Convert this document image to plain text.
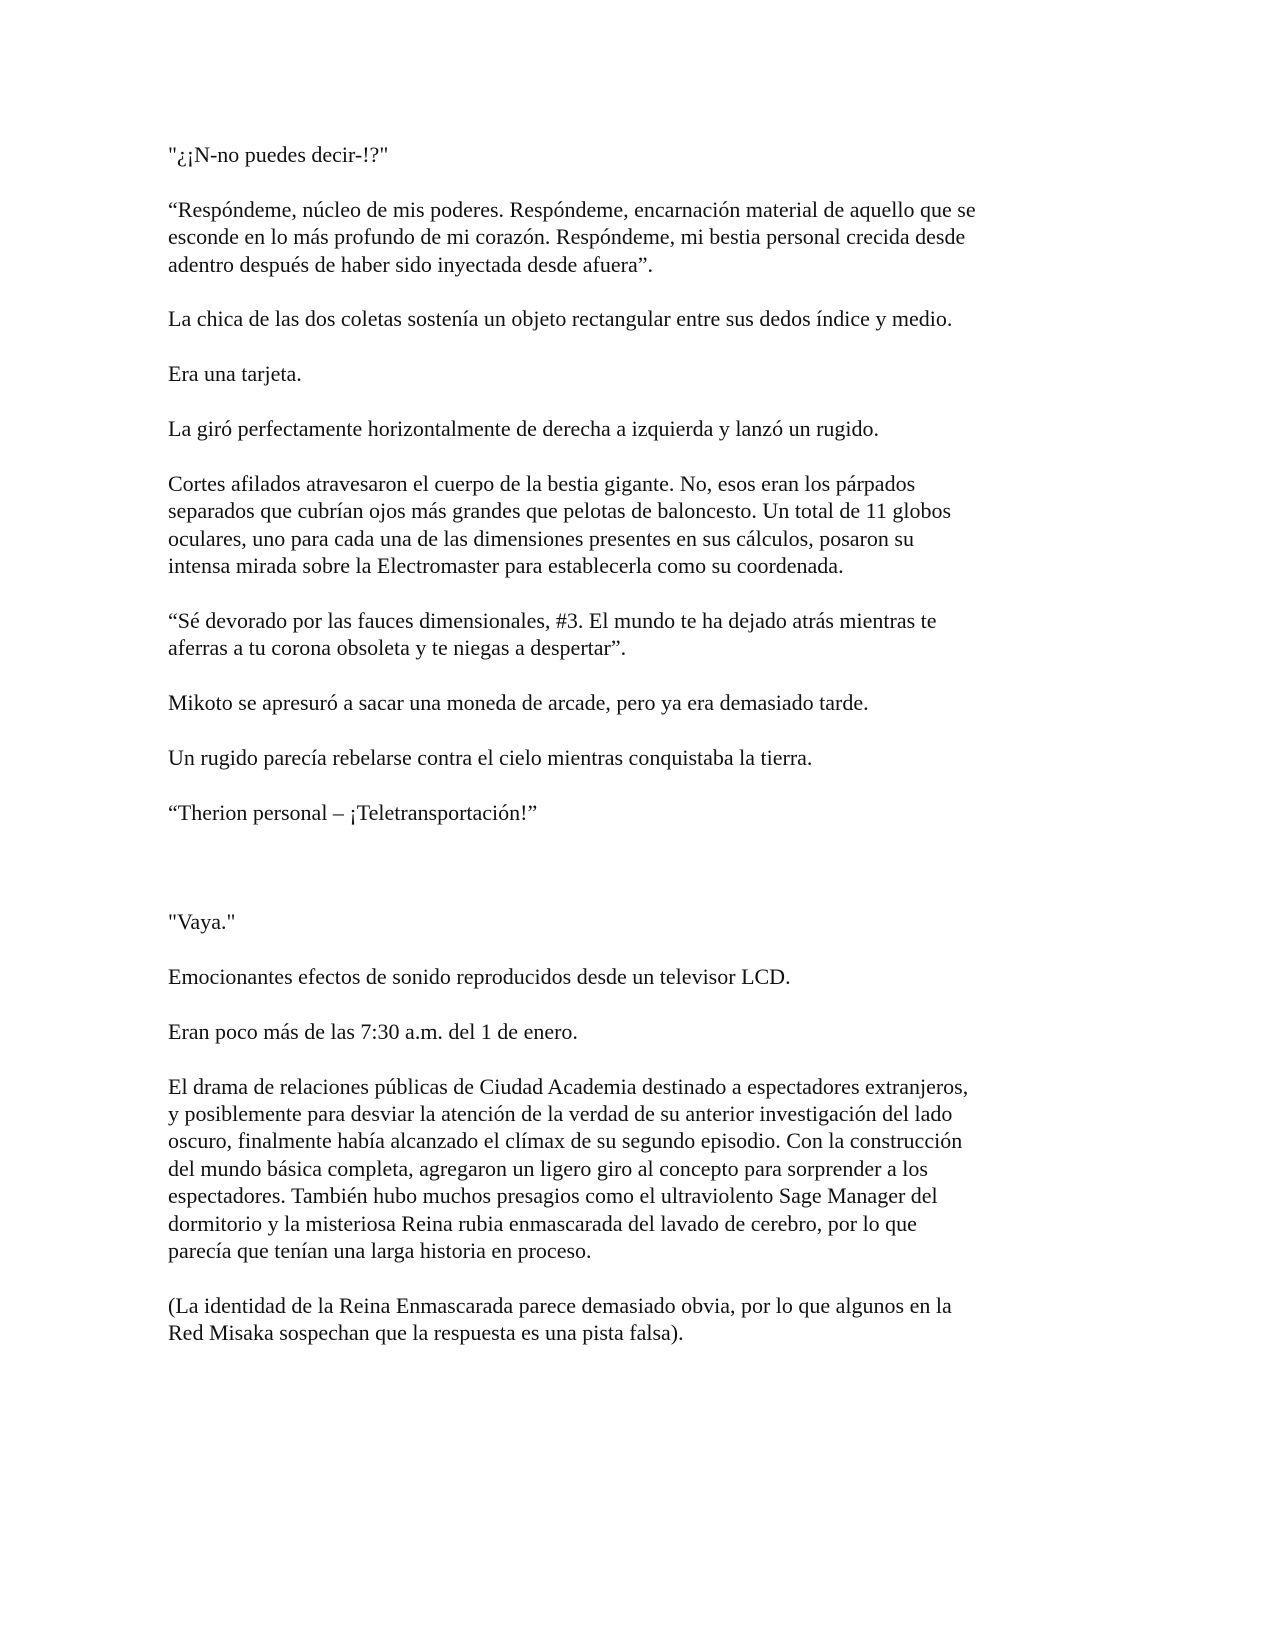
"¿¡N-no puedes decir-!?"

“Respóndeme, núcleo de mis poderes. Respóndeme, encarnación material de aquello que se
esconde en lo más profundo de mi corazón. Respóndeme, mi bestia personal crecida desde
adentro después de haber sido inyectada desde afuera”.

La chica de las dos coletas sostenía un objeto rectangular entre sus dedos índice y medio.

Era una tarjeta.

La giró perfectamente horizontalmente de derecha a izquierda y lanzó un rugido.

Cortes afilados atravesaron el cuerpo de la bestia gigante. No, esos eran los párpados
separados que cubrían ojos más grandes que pelotas de baloncesto. Un total de 11 globos
oculares, uno para cada una de las dimensiones presentes en sus cálculos, posaron su
intensa mirada sobre la Electromaster para establecerla como su coordenada.

“Sé devorado por las fauces dimensionales, #3. El mundo te ha dejado atrás mientras te
aferras a tu corona obsoleta y te niegas a despertar”.

Mikoto se apresuró a sacar una moneda de arcade, pero ya era demasiado tarde.

Un rugido parecía rebelarse contra el cielo mientras conquistaba la tierra.

“Therion personal – ¡Teletransportación!”

"Vaya."

Emocionantes efectos de sonido reproducidos desde un televisor LCD.

Eran poco más de las 7:30 a.m. del 1 de enero.

El drama de relaciones públicas de Ciudad Academia destinado a espectadores extranjeros,
y posiblemente para desviar la atención de la verdad de su anterior investigación del lado
oscuro, finalmente había alcanzado el clímax de su segundo episodio. Con la construcción
del mundo básica completa, agregaron un ligero giro al concepto para sorprender a los
espectadores. También hubo muchos presagios como el ultraviolento Sage Manager del
dormitorio y la misteriosa Reina rubia enmascarada del lavado de cerebro, por lo que
parecía que tenían una larga historia en proceso.

(La identidad de la Reina Enmascarada parece demasiado obvia, por lo que algunos en la
Red Misaka sospechan que la respuesta es una pista falsa).
